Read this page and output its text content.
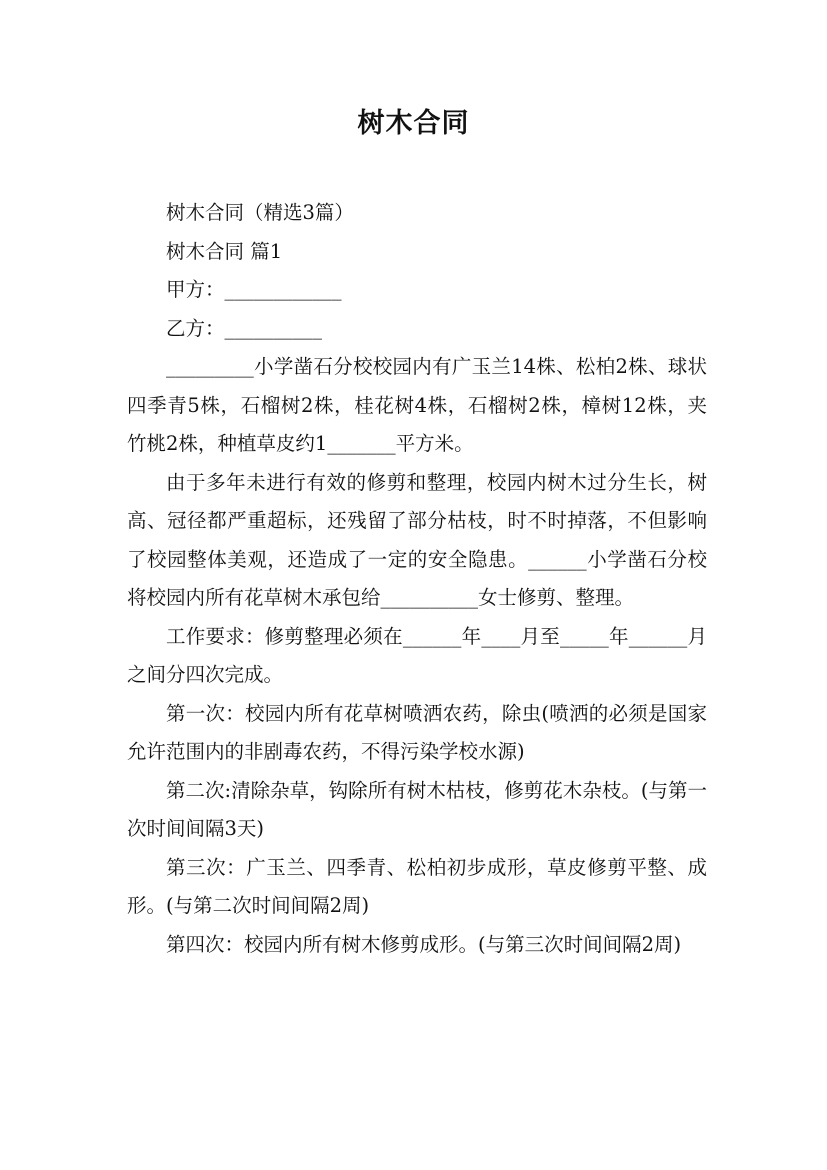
树木合同

树木合同（精选3篇）

树木合同 篇1

甲方：____________

乙方：__________

_________小学凿石分校校园内有广玉兰14株、松柏2株、球状四季青5株，石榴树2株，桂花树4株，石榴树2株，樟树12株，夹竹桃2株，种植草皮约1_______平方米。

由于多年未进行有效的修剪和整理，校园内树木过分生长，树高、冠径都严重超标，还残留了部分枯枝，时不时掉落，不但影响了校园整体美观，还造成了一定的安全隐患。______小学凿石分校将校园内所有花草树木承包给__________女士修剪、整理。

工作要求：修剪整理必须在______年____月至_____年______月之间分四次完成。

第一次：校园内所有花草树喷洒农药，除虫(喷洒的必须是国家允许范围内的非剧毒农药，不得污染学校水源)

第二次:清除杂草，钩除所有树木枯枝，修剪花木杂枝。(与第一次时间间隔3天)

第三次：广玉兰、四季青、松柏初步成形，草皮修剪平整、成形。(与第二次时间间隔2周)

第四次：校园内所有树木修剪成形。(与第三次时间间隔2周)
